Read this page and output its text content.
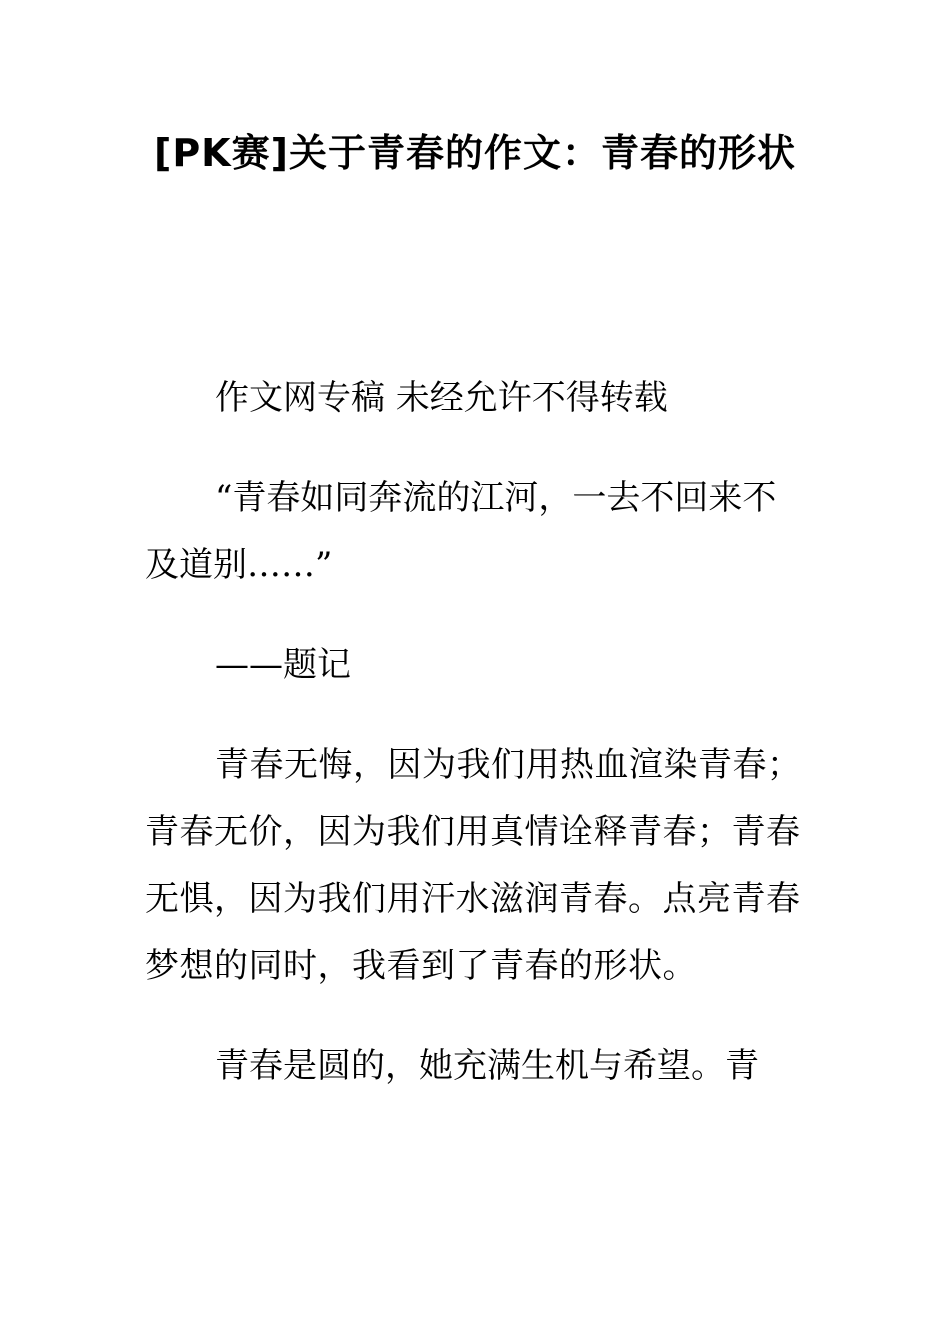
[PK赛]关于青春的作文：青春的形状

作文网专稿 未经允许不得转载

“青春如同奔流的江河，一去不回来不及道别……”

——题记

青春无悔，因为我们用热血渲染青春；青春无价，因为我们用真情诠释青春；青春无惧，因为我们用汗水滋润青春。点亮青春梦想的同时，我看到了青春的形状。

青春是圆的，她充满生机与希望。青
